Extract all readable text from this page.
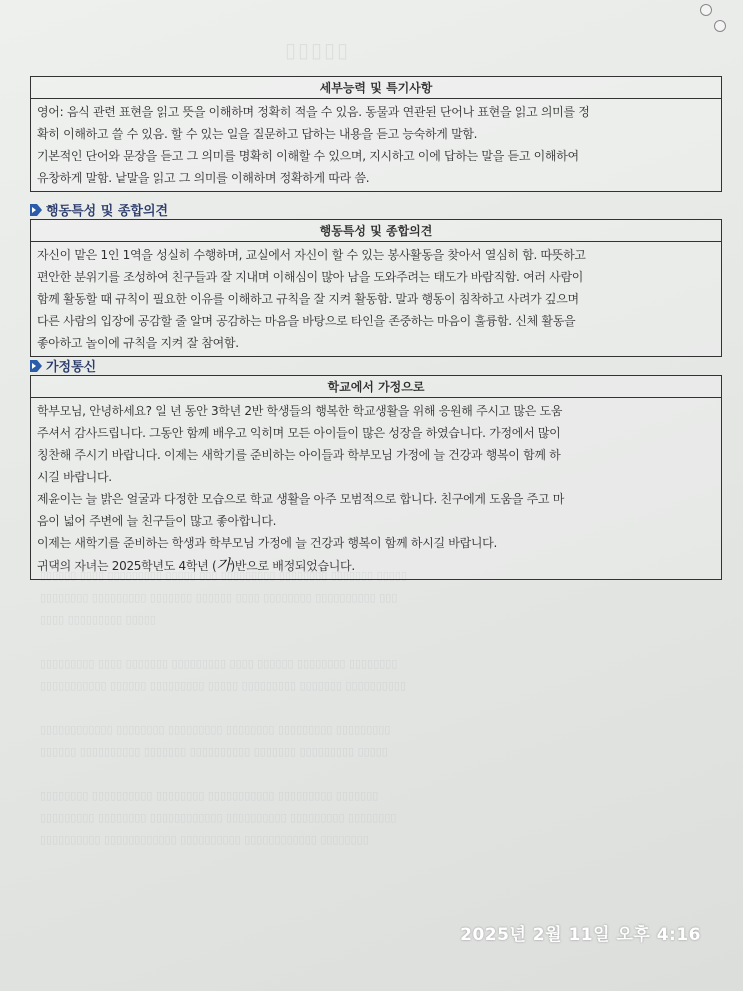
▯▯▯▯▯
▯▯▯▯▯▯ ▯▯▯▯ ▯▯▯▯▯▯▯▯▯ ▯▯▯▯▯ ▯▯▯ ▯▯▯▯▯▯▯▯▯ ▯▯▯▯▯▯▯▯ ▯▯▯▯▯▯▯ ▯▯▯▯▯
▯▯▯▯▯▯▯▯ ▯▯▯▯▯▯▯▯▯ ▯▯▯▯▯▯▯ ▯▯▯▯▯▯ ▯▯▯▯ ▯▯▯▯▯▯▯▯ ▯▯▯▯▯▯▯▯▯▯ ▯▯▯
▯▯▯▯ ▯▯▯▯▯▯▯▯▯ ▯▯▯▯▯

▯▯▯▯▯▯▯▯▯ ▯▯▯▯ ▯▯▯▯▯▯▯ ▯▯▯▯▯▯▯▯▯ ▯▯▯▯ ▯▯▯▯▯▯ ▯▯▯▯▯▯▯▯ ▯▯▯▯▯▯▯▯
▯▯▯▯▯▯▯▯▯▯▯ ▯▯▯▯▯▯ ▯▯▯▯▯▯▯▯▯ ▯▯▯▯▯ ▯▯▯▯▯▯▯▯▯ ▯▯▯▯▯▯▯ ▯▯▯▯▯▯▯▯▯▯

▯▯▯▯▯▯▯▯▯▯▯▯ ▯▯▯▯▯▯▯▯ ▯▯▯▯▯▯▯▯▯ ▯▯▯▯▯▯▯▯ ▯▯▯▯▯▯▯▯▯ ▯▯▯▯▯▯▯▯▯
▯▯▯▯▯▯ ▯▯▯▯▯▯▯▯▯▯ ▯▯▯▯▯▯▯ ▯▯▯▯▯▯▯▯▯▯ ▯▯▯▯▯▯▯ ▯▯▯▯▯▯▯▯▯ ▯▯▯▯▯

▯▯▯▯▯▯▯▯ ▯▯▯▯▯▯▯▯▯▯ ▯▯▯▯▯▯▯▯ ▯▯▯▯▯▯▯▯▯▯▯ ▯▯▯▯▯▯▯▯▯ ▯▯▯▯▯▯▯
▯▯▯▯▯▯▯▯▯ ▯▯▯▯▯▯▯▯ ▯▯▯▯▯▯▯▯▯▯▯▯ ▯▯▯▯▯▯▯▯▯▯ ▯▯▯▯▯▯▯▯▯ ▯▯▯▯▯▯▯▯
▯▯▯▯▯▯▯▯▯▯ ▯▯▯▯▯▯▯▯▯▯▯▯ ▯▯▯▯▯▯▯▯▯▯ ▯▯▯▯▯▯▯▯▯▯▯▯ ▯▯▯▯▯▯▯▯
세부능력 및 특기사항

영어: 음식 관련 표현을 읽고 뜻을 이해하며 정확히 적을 수 있음. 동물과 연관된 단어나 표현을 읽고 의미를 정

확히 이해하고 쓸 수 있음. 할 수 있는 일을 질문하고 답하는 내용을 듣고 능숙하게 말함.

기본적인 단어와 문장을 듣고 그 의미를 명확히 이해할 수 있으며, 지시하고 이에 답하는 말을 듣고 이해하여

유창하게 말함. 낱말을 읽고 그 의미를 이해하며 정확하게 따라 씀.

행동특성 및 종합의견
행동특성 및 종합의견

자신이 맡은 1인 1역을 성실히 수행하며, 교실에서 자신이 할 수 있는 봉사활동을 찾아서 열심히 함. 따뜻하고

편안한 분위기를 조성하여 친구들과 잘 지내며 이해심이 많아 남을 도와주려는 태도가 바람직함. 여러 사람이

함께 활동할 때 규칙이 필요한 이유를 이해하고 규칙을 잘 지켜 활동함. 말과 행동이 침착하고 사려가 깊으며

다른 사람의 입장에 공감할 줄 알며 공감하는 마음을 바탕으로 타인을 존중하는 마음이 훌륭함. 신체 활동을

좋아하고 놀이에 규칙을 지켜 잘 참여함.

가정통신
학교에서 가정으로

학부모님, 안녕하세요? 일 년 동안 3학년 2반 학생들의 행복한 학교생활을 위해 응원해 주시고 많은 도움

주셔서 감사드립니다. 그동안 함께 배우고 익히며 모든 아이들이 많은 성장을 하였습니다. 가정에서 많이

칭찬해 주시기 바랍니다. 이제는 새학기를 준비하는 아이들과 학부모님 가정에 늘 건강과 행복이 함께 하

시길 바랍니다.

제윤이는 늘 밝은 얼굴과 다정한 모습으로 학교 생활을 아주 모범적으로 합니다. 친구에게 도움을 주고 마

음이 넓어 주변에 늘 친구들이 많고 좋아합니다.

이제는 새학기를 준비하는 학생과 학부모님 가정에 늘 건강과 행복이 함께 하시길 바랍니다.

귀댁의 자녀는 2025학년도 4학년 (가)반으로 배정되었습니다.

2025년 2월 11일 오후 4:16
